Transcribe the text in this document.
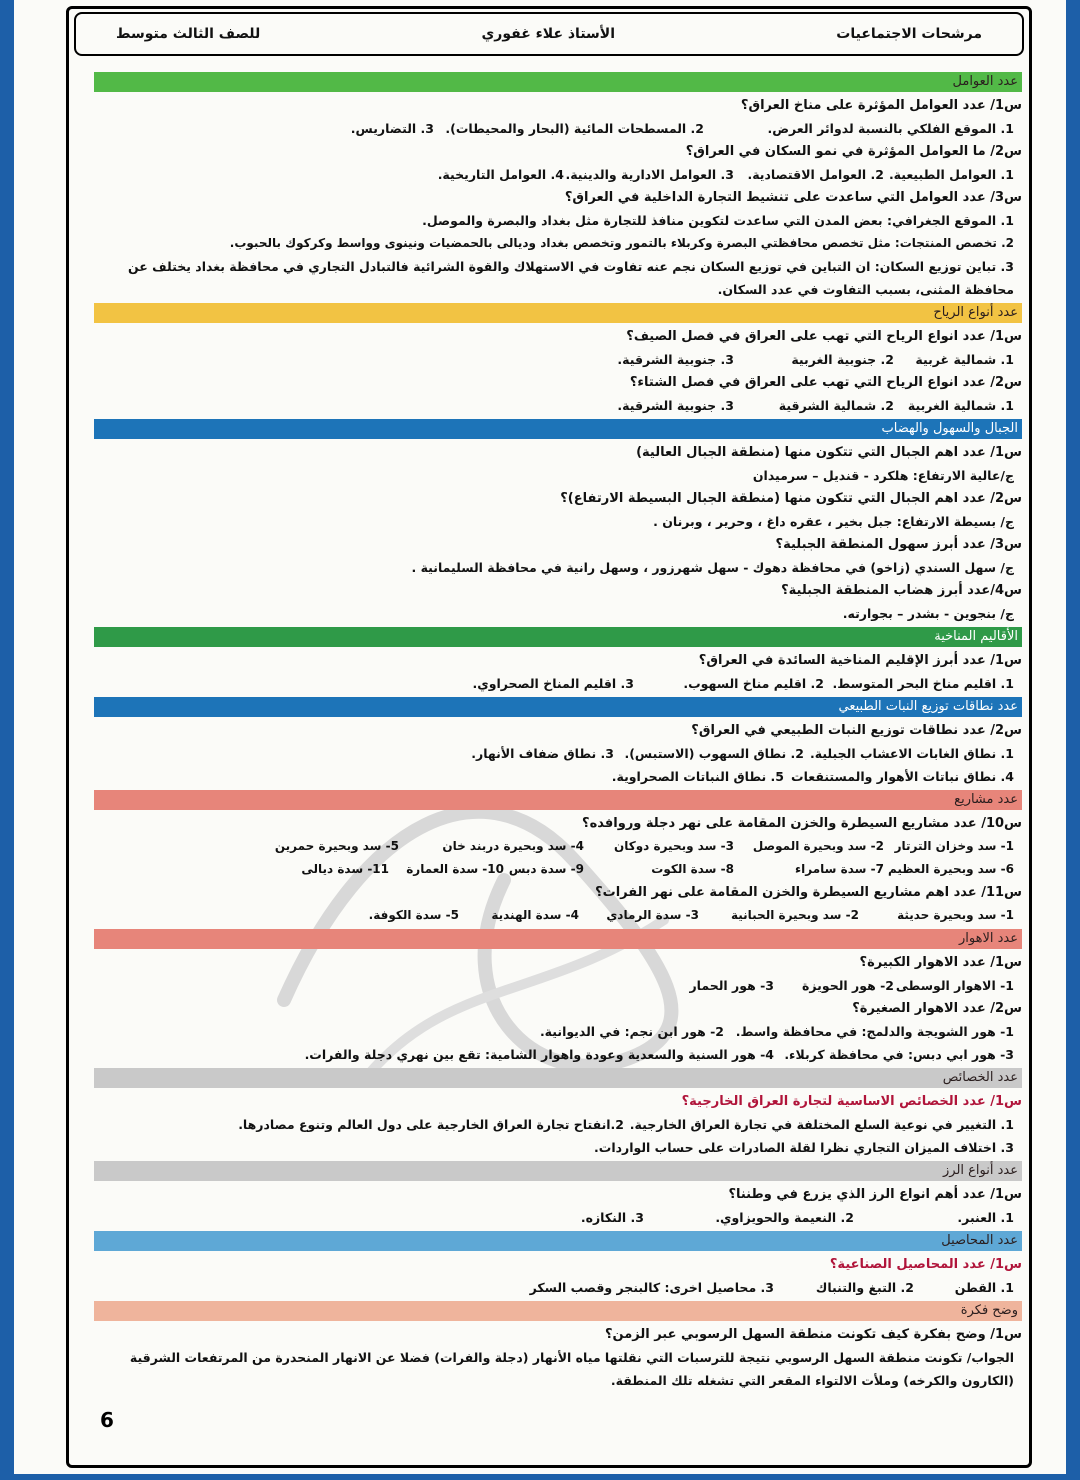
مرشحات الاجتماعيات
الأستاذ علاء غفوري
للصف الثالث متوسط
عدد العوامل
س1/ عدد العوامل المؤثرة على مناخ العراق؟
1. الموقع الفلكي بالنسبة لدوائر العرض.
2. المسطحات المائية (البحار والمحيطات).
3. التضاريس.
س2/ ما العوامل المؤثرة في نمو السكان في العراق؟
1. العوامل الطبيعية.
2. العوامل الاقتصادية.
3. العوامل الادارية والدينية.
4. العوامل التاريخية.
س3/ عدد العوامل التي ساعدت على تنشيط التجارة الداخلية في العراق؟
1. الموقع الجغرافي: بعض المدن التي ساعدت لتكوين منافذ للتجارة مثل بغداد والبصرة والموصل.
2. تخصص المنتجات: مثل تخصص محافظتي البصرة وكربلاء بالتمور وتخصص بغداد وديالى بالحمضيات ونينوى وواسط وكركوك بالحبوب.
3. تباين توزيع السكان: ان التباين في توزيع السكان نجم عنه تفاوت في الاستهلاك والقوة الشرائية فالتبادل التجاري في محافظة بغداد يختلف عن محافظة المثنى، بسبب التفاوت في عدد السكان.
عدد أنواع الرياح
س1/ عدد انواع الرياح التي تهب على العراق في فصل الصيف؟
1. شمالية غربية
2. جنوبية الغربية
3. جنوبية الشرقية.
س2/ عدد انواع الرياح التي تهب على العراق في فصل الشتاء؟
1. شمالية الغربية
2. شمالية الشرقية
3. جنوبية الشرقية.
الجبال والسهول والهضاب
س1/ عدد اهم الجبال التي تتكون منها (منطقة الجبال العالية)
ج/عالية الارتفاع: هلكرد - قنديل – سرميدان
س2/ عدد اهم الجبال التي تتكون منها (منطقة الجبال البسيطة الارتفاع)؟
ج/ بسيطة الارتفاع: جبل بخير ، عقره داغ ، وحرير ، وبرنان .
س3/ عدد أبرز سهول المنطقة الجبلية؟
ج/ سهل السندي (زاخو) في محافظة دهوك - سهل شهرزور ، وسهل رانية في محافظة السليمانية .
س4/عدد أبرز هضاب المنطقة الجبلية؟
ج/ بنجوين - بشدر – بجوارته.
الأقاليم المناخية
س1/ عدد أبرز الإقليم المناخية السائدة في العراق؟
1. اقليم مناخ البحر المتوسط.
2. اقليم مناخ السهوب.
3. اقليم المناخ الصحراوي.
عدد نطاقات توزيع النبات الطبيعي
س2/ عدد نطاقات توزيع النبات الطبيعي في العراق؟
1. نطاق الغابات الاعشاب الجبلية.
2. نطاق السهوب (الاستبس).
3. نطاق ضفاف الأنهار.
4. نطاق نباتات الأهوار والمستنقعات
5. نطاق النباتات الصحراوية.
عدد مشاريع
س10/ عدد مشاريع السيطرة والخزن المقامة على نهر دجلة وروافده؟
1- سد وخزان الترتار
2- سد وبحيرة الموصل
3- سد وبحيرة دوكان
4- سد وبحيرة دربند خان
5- سد وبحيرة حمرين
6- سد وبحيرة العظيم
7- سدة سامراء
8- سدة الكوت
9- سدة دبس
10- سدة العمارة
11- سدة ديالى
س11/ عدد اهم مشاريع السيطرة والخزن المقامة على نهر الفرات؟
1- سد وبحيرة حديثة
2- سد وبحيرة الحبانية
3- سدة الرمادي
4- سدة الهندية
5- سدة الكوفة.
عدد الاهوار
س1/ عدد الاهوار الكبيرة؟
1- الاهوار الوسطى
2- هور الحويزة
3- هور الحمار
س2/ عدد الاهوار الصغيرة؟
1- هور الشويجة والدلمج: في محافظة واسط.
2- هور ابن نجم: في الديوانية.
3- هور ابي دبس: في محافظة كربلاء.
4- هور السنية والسعدية وعودة واهوار الشامية: تقع بين نهري دجلة والفرات.
عدد الخصائص
س1/ عدد الخصائص الاساسية لتجارة العراق الخارجية؟
1. التغيير في نوعية السلع المختلفة في تجارة العراق الخارجية.
2.انفتاح تجارة العراق الخارجية على دول العالم وتنوع مصادرها.
3. اختلاف الميزان التجاري نظرا لقلة الصادرات على حساب الواردات.
عدد أنواع الرز
س1/ عدد أهم انواع الرز الذي يزرع في وطننا؟
1. العنبر.
2. النعيمة والحويزاوي.
3. النكازه.
عدد المحاصيل
س1/ عدد المحاصيل الصناعية؟
1. القطن
2. التبغ والتنباك
3. محاصيل اخرى: كالبنجر وقصب السكر
وضح فكرة
س1/ وضح بفكرة كيف تكونت منطقة السهل الرسوبي عبر الزمن؟
الجواب/ تكونت منطقة السهل الرسوبي نتيجة للترسبات التي نقلتها مياه الأنهار (دجلة والفرات) فضلا عن الانهار المنحدرة من المرتفعات الشرقية (الكارون والكرخه) وملأت الالتواء المقعر التي تشغله تلك المنطقة.
6
